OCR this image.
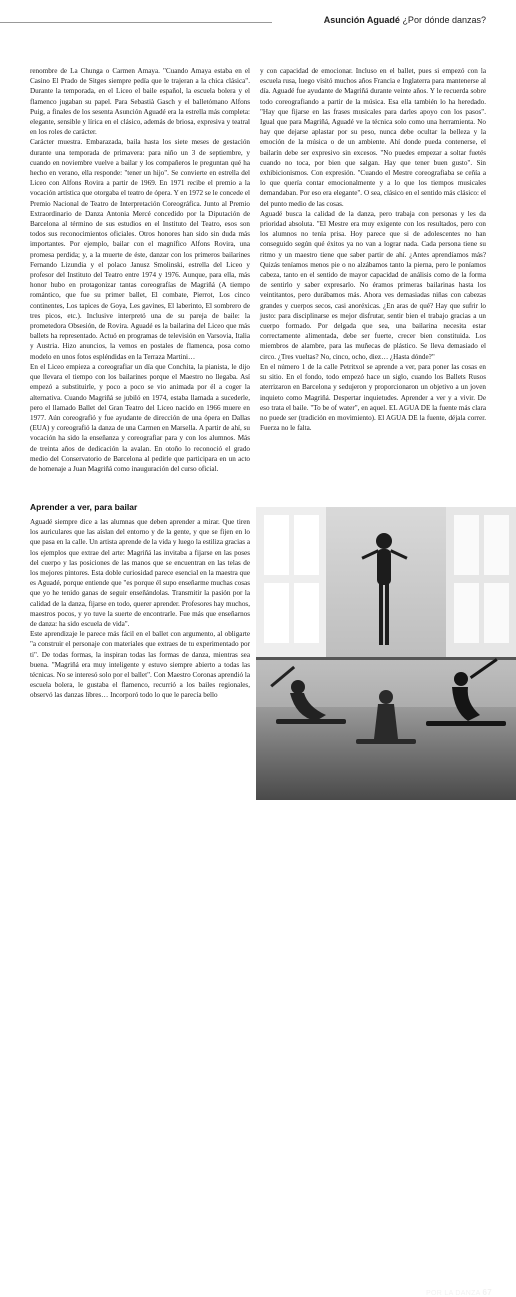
Asunción Aguadé ¿Por dónde danzas?

renombre de La Chunga o Carmen Amaya. "Cuando Amaya estaba en el Casino El Prado de Sitges siempre pedía que le trajeran a la chica clásica". Durante la temporada, en el Liceo el baile español, la escuela bolera y el flamenco jugaban su papel. Para Sebastià Gasch y el balletómano Alfons Puig, a finales de los sesenta Asunción Aguadé era la estrella más completa: elegante, sensible y lírica en el clásico, además de briosa, expresiva y teatral en los roles de carácter.

Carácter muestra. Embarazada, baila hasta los siete meses de gestación durante una temporada de primavera: para niño un 3 de septiembre, y cuando en noviembre vuelve a bailar y los compañeros le preguntan qué ha hecho en verano, ella responde: "tener un hijo". Se convierte en estrella del Liceo con Alfons Rovira a partir de 1969. En 1971 recibe el premio a la vocación artística que otorgaba el teatro de ópera. Y en 1972 se le concede el Premio Nacional de Teatro de Interpretación Coreográfica. Junto al Premio Extraordinario de Danza Antonia Mercé concedido por la Diputación de Barcelona al término de sus estudios en el Instituto del Teatro, esos son todos sus reconocimientos oficiales. Otros honores han sido sin duda más importantes. Por ejemplo, bailar con el magnífico Alfons Rovira, una promesa perdida; y, a la muerte de éste, danzar con los primeros bailarines Fernando Lizundia y el polaco Janusz Smolinski, estrella del Liceo y profesor del Instituto del Teatro entre 1974 y 1976. Aunque, para ella, más honor hubo en protagonizar tantas coreografías de Magriñá (A tiempo romántico, que fue su primer ballet, El combate, Pierrot, Los cinco continentes, Los tapices de Goya, Les gavines, El laberinto, El sombrero de tres picos, etc.). Inclusive interpretó una de su pareja de baile: la prometedora Obsesión, de Rovira. Aguadé es la bailarina del Liceo que más ballets ha representado. Actuó en programas de televisión en Varsovia, Italia y Austria. Hizo anuncios, la vemos en postales de flamenca, posa como modelo en unos fotos espléndidas en la Terraza Martini…

En el Liceo empieza a coreografiar un día que Conchita, la pianista, le dijo que llevara el tiempo con los bailarines porque el Maestro no llegaba. Así empezó a substituirle, y poco a poco se vio animada por él a coger la alternativa. Cuando Magriñá se jubiló en 1974, estaba llamada a sucederle, pero el llamado Ballet del Gran Teatro del Liceo nacido en 1966 muere en 1977. Aún coreografió y fue ayudante de dirección de una ópera en Dallas (EUA) y coreografió la danza de una Carmen en Marsella. A partir de ahí, su vocación ha sido la enseñanza y coreografiar para y con los alumnos. Más de treinta años de dedicación la avalan. En otoño lo reconoció el grado medio del Conservatorio de Barcelona al pedirle que participara en un acto de homenaje a Juan Magriñá como inauguración del curso oficial.

y con capacidad de emocionar. Incluso en el ballet, pues si empezó con la escuela rusa, luego visitó muchos años Francia e Inglaterra para mantenerse al día. Aguadé fue ayudante de Magriñá durante veinte años. Y le recuerda sobre todo coreografiando a partir de la música. Esa ella también lo ha heredado. "Hay que fijarse en las frases musicales para darles apoyo con los pasos". Igual que para Magriñá, Aguadé ve la técnica solo como una herramienta. No hay que dejarse aplastar por su peso, nunca debe ocultar la belleza y la emoción de la música o de un ambiente. Ahí donde pueda contenerse, el bailarín debe ser expresivo sin excesos. "No puedes empezar a soltar fuetés cuando no toca, por bien que salgan. Hay que tener buen gusto". Sin exhibicionismos. Con expresión. "Cuando el Mestre coreografiaba se ceñía a lo que quería contar emocionalmente y a lo que los tiempos musicales demandaban. Por eso era elegante". O sea, clásico en el sentido más clásico: el del punto medio de las cosas.

Aguadé busca la calidad de la danza, pero trabaja con personas y les da prioridad absoluta. "El Mestre era muy exigente con los resultados, pero con los alumnos no tenía prisa. Hoy parece que si de adolescentes no han conseguido según qué éxitos ya no van a lograr nada. Cada persona tiene su ritmo y un maestro tiene que saber partir de ahí. ¿Antes aprendíamos más? Quizás teníamos menos pie o no alzábamos tanto la pierna, pero le poníamos cabeza, tanto en el sentido de mayor capacidad de análisis como de la forma de sentirlo y saber expresarlo. No éramos primeras bailarinas hasta los veintitantos, pero durábamos más. Ahora ves demasiadas niñas con cabezas grandes y cuerpos secos, casi anoréxicas. ¿En aras de qué? Hay que sufrir lo justo: para disciplinarse es mejor disfrutar, sentir bien el trabajo gracias a un cuerpo formado. Por delgada que sea, una bailarina necesita estar correctamente alimentada, debe ser fuerte, crecer bien constituida. Los miembros de alambre, para las muñecas de plástico. Se lleva demasiado el circo. ¿Tres vueltas? No, cinco, ocho, diez… ¿Hasta dónde?"

En el número 1 de la calle Petritxol se aprende a ver, para poner las cosas en su sitio. En el fondo, todo empezó hace un siglo, cuando los Ballets Rusos aterrizaron en Barcelona y sedujeron y proporcionaron un objetivo a un joven inquieto como Magriñá. Despertar inquietudes. Aprender a ver y a vivir. De eso trata el baile. "To be of water", en aquel. EL AGUA DE la fuente más clara no puede ser (tradición en movimiento). El AGUA DE la fuente, déjala correr. Fuerza no le falta.

Aprender a ver, para bailar

Aguadé siempre dice a las alumnas que deben aprender a mirar. Que tiren los auriculares que las aíslan del entorno y de la gente, y que se fijen en lo que pasa en la calle. Un artista aprende de la vida y luego la estiliza gracias a los ejemplos que extrae del arte: Magriñá las invitaba a fijarse en las poses del cuerpo y las posiciones de las manos que se encuentran en las telas de los mejores pintores. Esta doble curiosidad parece esencial en la maestra que es Aguadé, porque entiende que "es porque él supo enseñarme muchas cosas que yo he tenido ganas de seguir enseñándolas. Transmitir la pasión por la calidad de la danza, fijarse en todo, querer aprender. Profesores hay muchos, maestros pocos, y yo tuve la suerte de encontrarle. Fue más que enseñarnos de danza: ha sido escuela de vida".

Este aprendizaje le parece más fácil en el ballet con argumento, al obligarte "a construir el personaje con materiales que extraes de tu experimentado por ti". De todas formas, la inspiran todas las formas de danza, mientras sea buena. "Magriñá era muy inteligente y estuvo siempre abierto a todas las técnicas. No se interesó solo por el ballet". Con Maestro Coronas aprendió la escuela bolera, le gustaba el flamenco, recurrió a los bailes regionales, observó las danzas libres… Incorporó todo lo que le parecía bello

POR LA DANZA 67
